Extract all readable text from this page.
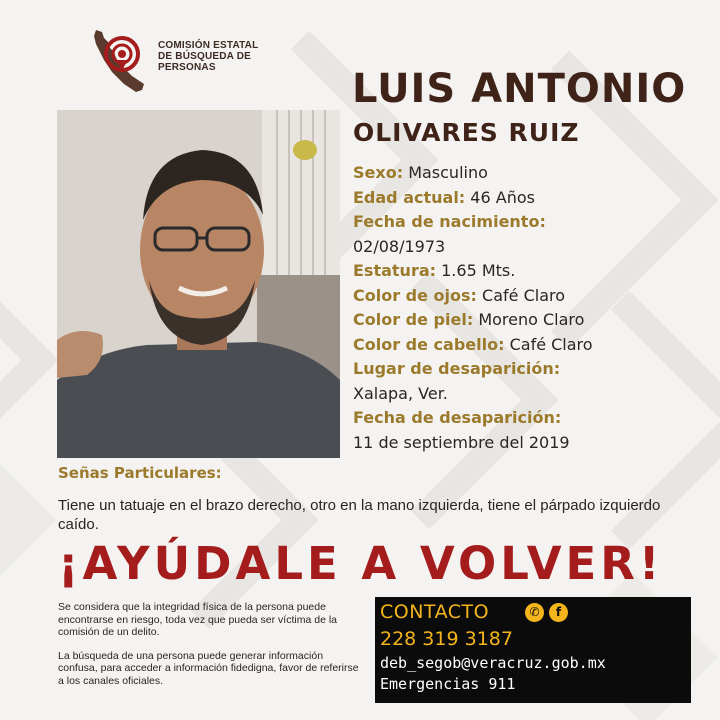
COMISIÓN ESTATAL
DE BÚSQUEDA DE
PERSONAS	LUIS ANTONIO
OLIVARES RUIZ
Sexo: Masculino
Edad actual: 46 Años
Fecha de nacimiento:
02/08/1973
Estatura: 1.65 Mts.
Color de ojos: Café Claro
Color de piel: Moreno Claro
Color de cabello: Café Claro
Lugar de desaparición:
Xalapa, Ver.
Fecha de desaparición:
11 de septiembre del 2019
Señas Particulares:
Tiene un tatuaje en el brazo derecho, otro en la mano izquierda, tiene el párpado izquierdo caído.
¡AYÚDALE A VOLVER!

Se considera que la integridad física de la persona puede encontrarse en riesgo, toda vez que pueda ser víctima de la comisión de un delito.

La búsqueda de una persona puede generar información confusa, para acceder a información fidedigna, favor de referirse a los canales oficiales.

CONTACTO	✆	f
228 319 3187
deb_segob@veracruz.gob.mx
Emergencias 911
